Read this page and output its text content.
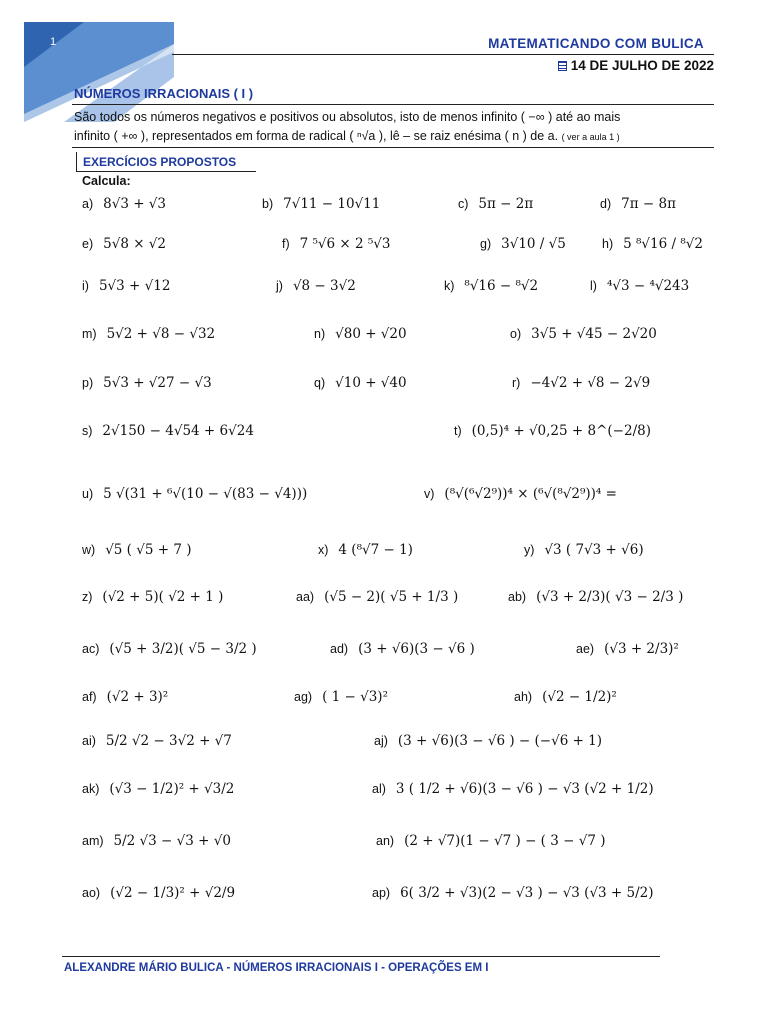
1	MATEMATICANDO COM BULICA
14 DE JULHO DE 2022
NÚMEROS IRRACIONAIS ( I )
São todos os números negativos e positivos ou absolutos, isto de menos infinito ( −∞ ) até ao mais
infinito ( +∞ ), representados em forma de radical ( ⁿ√a ), lê – se raiz enésima ( n ) de a. ( ver a aula 1 )
EXERCÍCIOS PROPOSTOS
Calcula:
a) 8√3 + √3	b) 7√11 − 10√11	c) 5π − 2π	d) 7π − 8π
e) 5√8 × √2	f) 7 ⁵√6 × 2 ⁵√3	g) 3√10 / √5	h) 5 ⁸√16 / ⁸√2
i) 5√3 + √12	j) √8 − 3√2	k) ⁸√16 − ⁸√2	l) ⁴√3 − ⁴√243
m) 5√2 + √8 − √32	n) √80 + √20	o) 3√5 + √45 − 2√20
p) 5√3 + √27 − √3	q) √10 + √40	r) −4√2 + √8 − 2√9
s) 2√150 − 4√54 + 6√24	t) (0,5)⁴ + √0,25 + 8^(−2/8)
u) 5 √(31 + ⁶√(10 − √(83 − √4)))	v) (⁸√(⁶√2⁹))⁴ × (⁶√(⁸√2⁹))⁴ =
w) √5 ( √5 + 7 )	x) 4 (⁸√7 − 1)	y) √3 ( 7√3 + √6)
z) (√2 + 5)( √2 + 1 )	aa) (√5 − 2)( √5 + 1/3 )	ab) (√3 + 2/3)( √3 − 2/3 )
ac) (√5 + 3/2)( √5 − 3/2 )	ad) (3 + √6)(3 − √6 )	ae) (√3 + 2/3)²
af) (√2 + 3)²	ag) ( 1 − √3)²	ah) (√2 − 1/2)²
ai) 5/2 √2 − 3√2 + √7	aj) (3 + √6)(3 − √6 ) − (−√6 + 1)
ak) (√3 − 1/2)² + √3/2	al) 3 ( 1/2 + √6)(3 − √6 ) − √3 (√2 + 1/2)
am) 5/2 √3 − √3 + √0	an) (2 + √7)(1 − √7 ) − ( 3 − √7 )
ao) (√2 − 1/3)² + √2/9	ap) 6( 3/2 + √3)(2 − √3 ) − √3 (√3 + 5/2)
ALEXANDRE MÁRIO BULICA - NÚMEROS IRRACIONAIS I - OPERAÇÕES EM I
